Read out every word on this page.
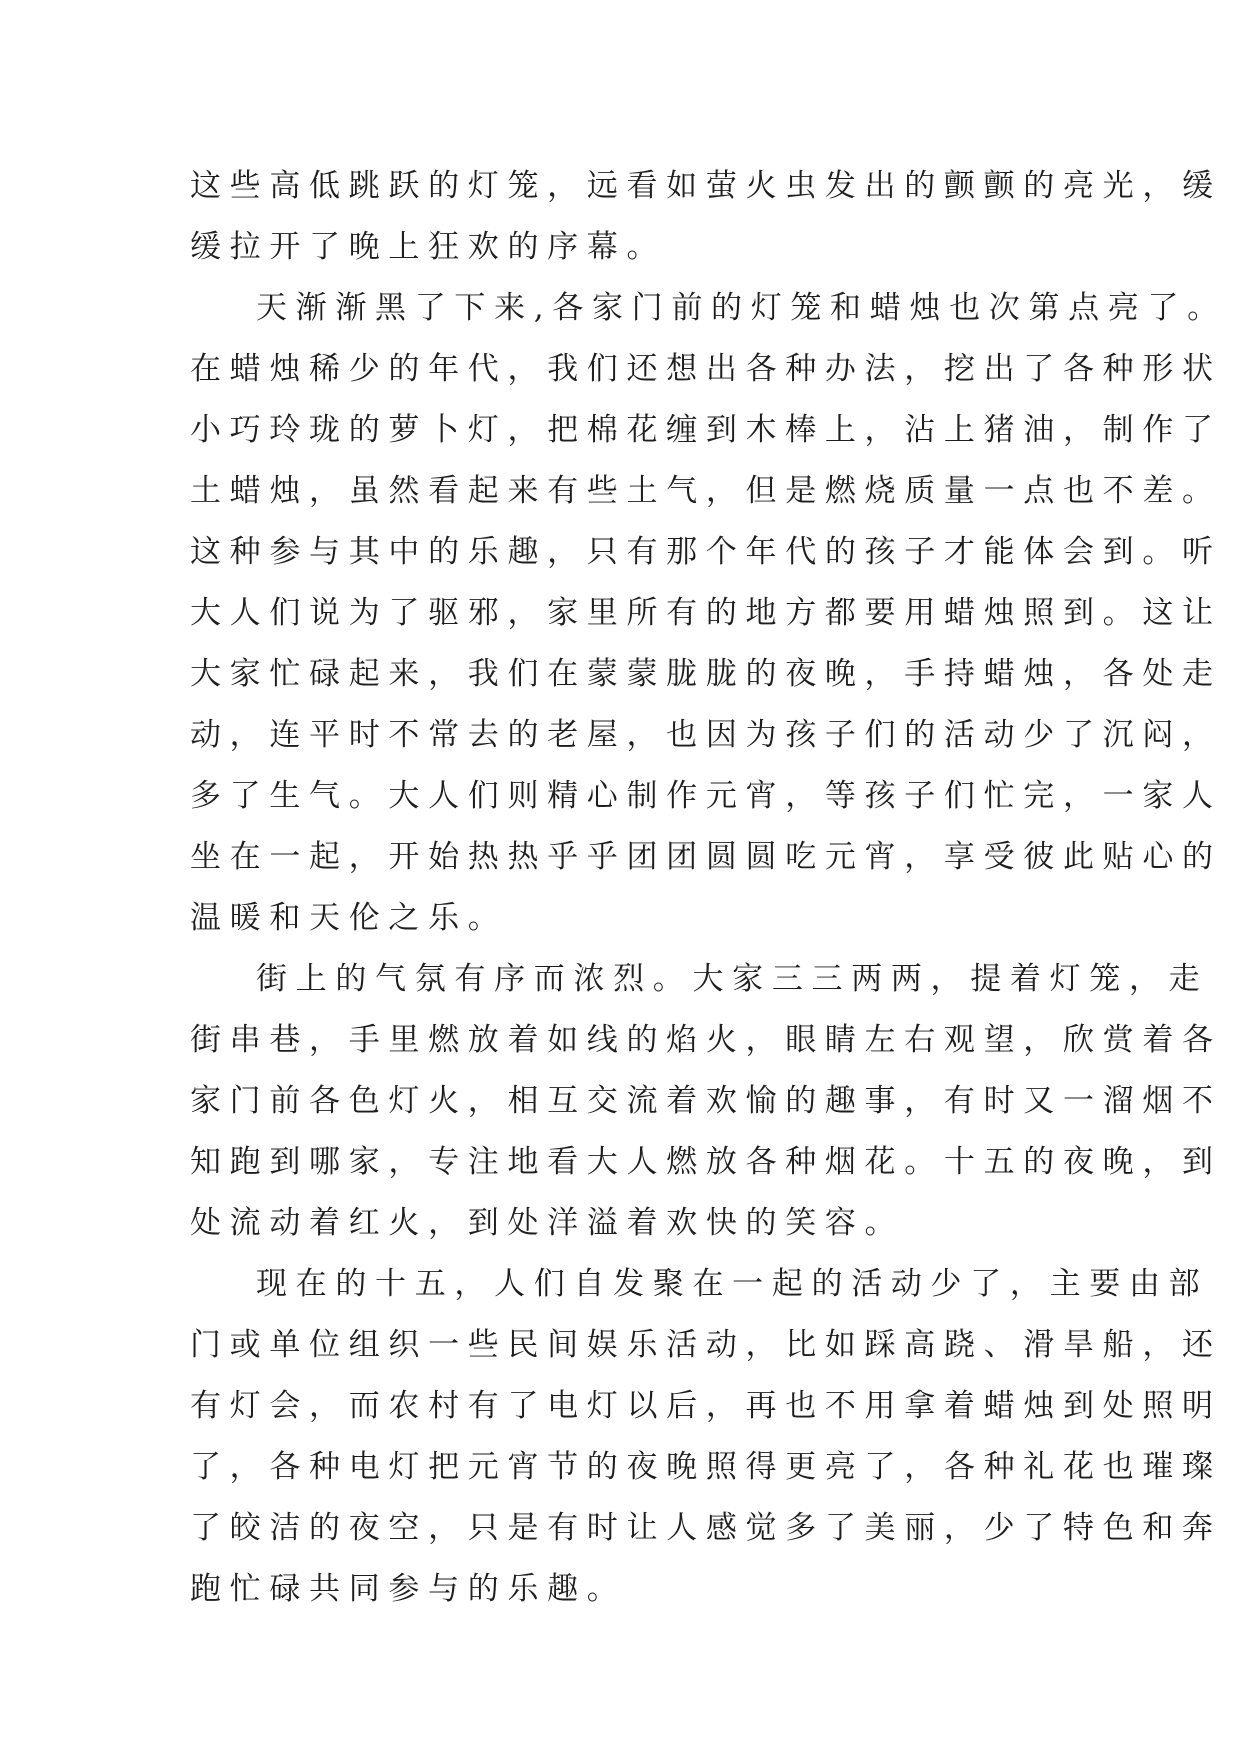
这些高低跳跃的灯笼，远看如萤火虫发出的颤颤的亮光，缓
缓拉开了晚上狂欢的序幕。
天渐渐黑了下来,各家门前的灯笼和蜡烛也次第点亮了。
在蜡烛稀少的年代，我们还想出各种办法，挖出了各种形状
小巧玲珑的萝卜灯，把棉花缠到木棒上，沾上猪油，制作了
土蜡烛，虽然看起来有些土气，但是燃烧质量一点也不差。
这种参与其中的乐趣，只有那个年代的孩子才能体会到。听
大人们说为了驱邪，家里所有的地方都要用蜡烛照到。这让
大家忙碌起来，我们在蒙蒙胧胧的夜晚，手持蜡烛，各处走
动，连平时不常去的老屋，也因为孩子们的活动少了沉闷，
多了生气。大人们则精心制作元宵，等孩子们忙完，一家人
坐在一起，开始热热乎乎团团圆圆吃元宵，享受彼此贴心的
温暖和天伦之乐。
街上的气氛有序而浓烈。大家三三两两，提着灯笼，走
街串巷，手里燃放着如线的焰火，眼睛左右观望，欣赏着各
家门前各色灯火，相互交流着欢愉的趣事，有时又一溜烟不
知跑到哪家，专注地看大人燃放各种烟花。十五的夜晚，到
处流动着红火，到处洋溢着欢快的笑容。
现在的十五，人们自发聚在一起的活动少了，主要由部
门或单位组织一些民间娱乐活动，比如踩高跷、滑旱船，还
有灯会，而农村有了电灯以后，再也不用拿着蜡烛到处照明
了，各种电灯把元宵节的夜晚照得更亮了，各种礼花也璀璨
了皎洁的夜空，只是有时让人感觉多了美丽，少了特色和奔
跑忙碌共同参与的乐趣。
